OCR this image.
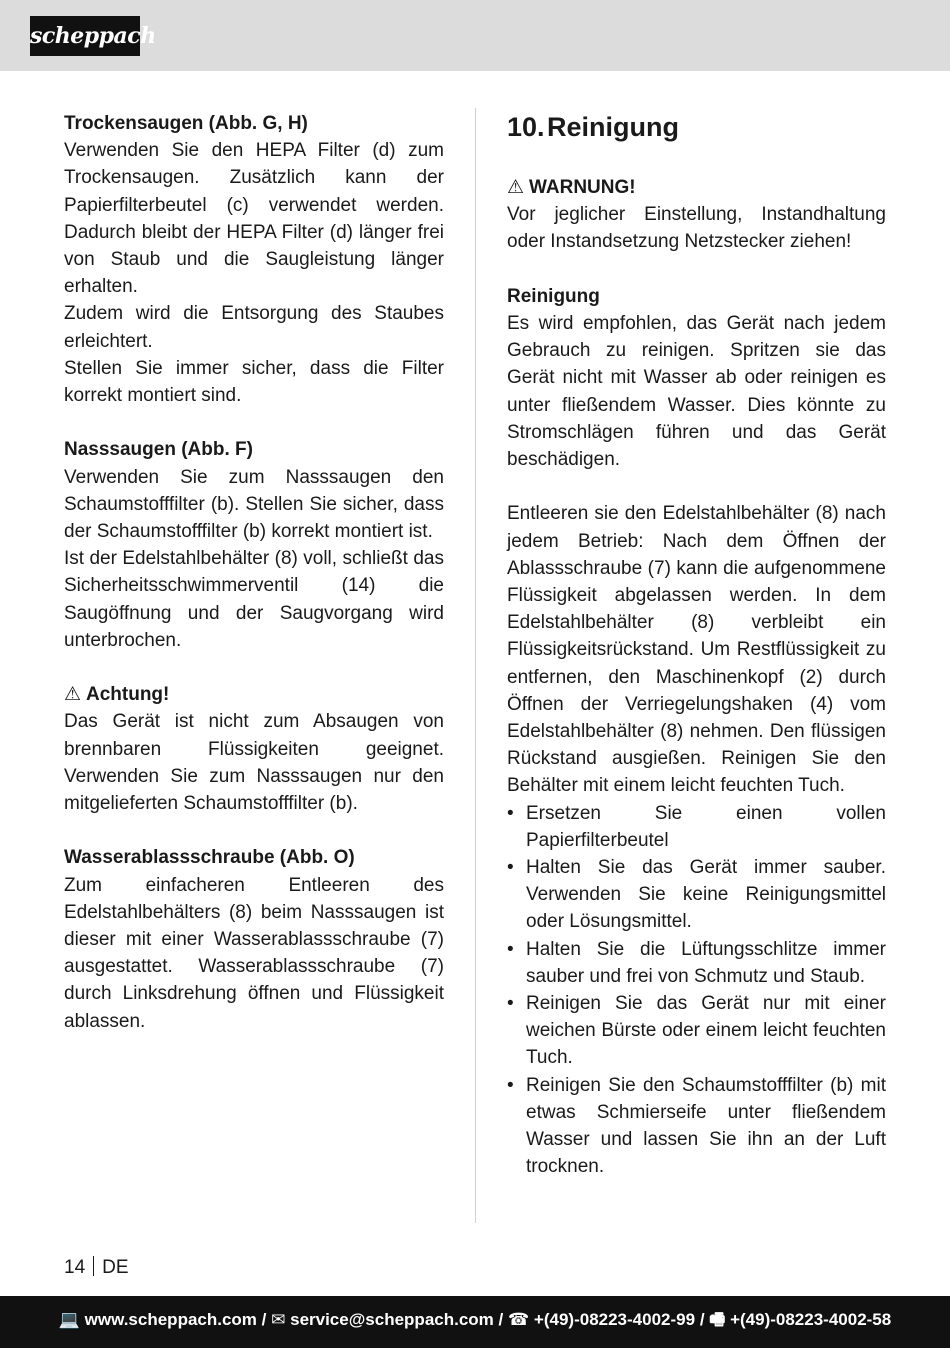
scheppach

Trockensaugen (Abb. G, H)

Verwenden Sie den HEPA Filter (d) zum Trockensaugen. Zusätzlich kann der Papierfilterbeutel (c) verwendet werden. Dadurch bleibt der HEPA Filter (d) länger frei von Staub und die Saugleistung länger erhalten.

Zudem wird die Entsorgung des Staubes erleichtert.

Stellen Sie immer sicher, dass die Filter korrekt montiert sind.

Nasssaugen (Abb. F)

Verwenden Sie zum Nasssaugen den Schaumstofffilter (b). Stellen Sie sicher, dass der Schaumstofffilter (b) korrekt montiert ist.

Ist der Edelstahlbehälter (8) voll, schließt das Sicherheitsschwimmerventil (14) die Saugöffnung und der Saugvorgang wird unterbrochen.

⚠ Achtung!

Das Gerät ist nicht zum Absaugen von brennbaren Flüssigkeiten geeignet. Verwenden Sie zum Nasssaugen nur den mitgelieferten Schaumstofffilter (b).

Wasserablassschraube (Abb. O)

Zum einfacheren Entleeren des Edelstahlbehälters (8) beim Nasssaugen ist dieser mit einer Wasserablassschraube (7) ausgestattet. Wasserablassschraube (7) durch Linksdrehung öffnen und Flüssigkeit ablassen.

10.Reinigung

⚠ WARNUNG!

Vor jeglicher Einstellung, Instandhaltung oder Instandsetzung Netzstecker ziehen!

Reinigung

Es wird empfohlen, das Gerät nach jedem Gebrauch zu reinigen. Spritzen sie das Gerät nicht mit Wasser ab oder reinigen es unter fließendem Wasser. Dies könnte zu Stromschlägen führen und das Gerät beschädigen.

Entleeren sie den Edelstahlbehälter (8) nach jedem Betrieb: Nach dem Öffnen der Ablassschraube (7) kann die aufgenommene Flüssigkeit abgelassen werden. In dem Edelstahlbehälter (8) verbleibt ein Flüssigkeitsrückstand. Um Restflüssigkeit zu entfernen, den Maschinenkopf (2) durch Öffnen der Verriegelungshaken (4) vom Edelstahlbehälter (8) nehmen. Den flüssigen Rückstand ausgießen. Reinigen Sie den Behälter mit einem leicht feuchten Tuch.

• Ersetzen Sie einen vollen Papierfilterbeutel
• Halten Sie das Gerät immer sauber. Verwenden Sie keine Reinigungsmittel oder Lösungsmittel.
• Halten Sie die Lüftungsschlitze immer sauber und frei von Schmutz und Staub.
• Reinigen Sie das Gerät nur mit einer weichen Bürste oder einem leicht feuchten Tuch.
• Reinigen Sie den Schaumstofffilter (b) mit etwas Schmierseife unter fließendem Wasser und lassen Sie ihn an der Luft trocknen.
14 DE
💻 www.scheppach.com / ✉ service@scheppach.com / ☎ +(49)-08223-4002-99 / 🖷 +(49)-08223-4002-58
